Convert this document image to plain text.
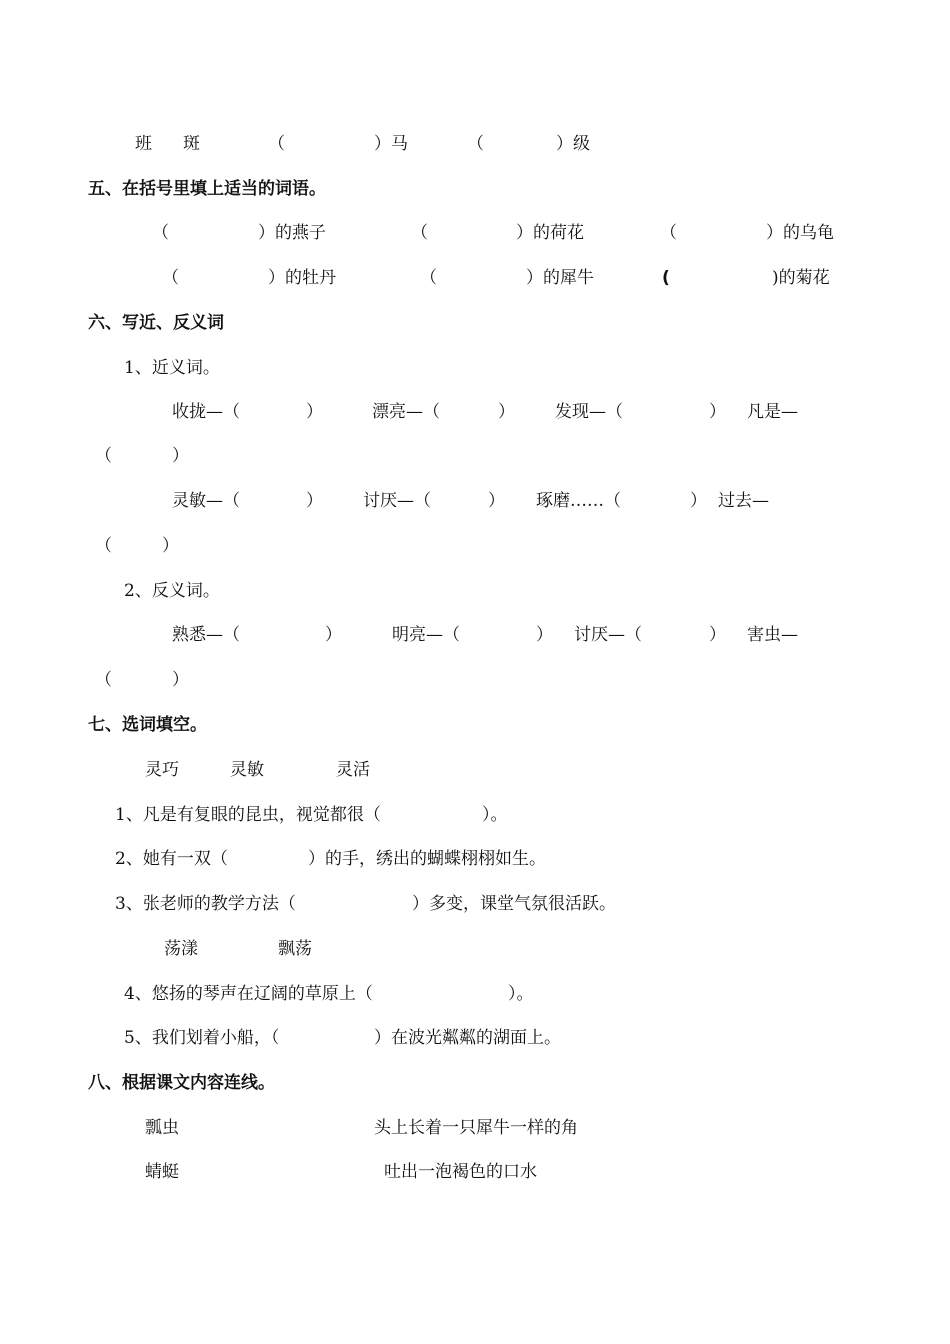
班 斑	（	）马	（	）级
五、在括号里填上适当的词语。
（	）的燕子	（	）的荷花	（	）的乌龟
（	）的牡丹	（	）的犀牛	(	)的菊花
六、写近、反义词
1、近义词。
收拢—（	）	漂亮—（	） 发现—（	） 凡是—
（	）
灵敏—（	） 讨厌—（	） 琢磨……（	） 过去—
（	）
2、反义词。
熟悉—（	）	明亮—（	） 讨厌—（	） 害虫—
（	）
七、选词填空。
灵巧	灵敏	灵活
1、凡是有复眼的昆虫，视觉都很（	）。
2、她有一双（	）的手，绣出的蝴蝶栩栩如生。
3、张老师的教学方法（	）多变，课堂气氛很活跃。
荡漾	飘荡
4、悠扬的琴声在辽阔的草原上（	）。
5、我们划着小船，（	）在波光粼粼的湖面上。
八、根据课文内容连线。
瓢虫	头上长着一只犀牛一样的角
蜻蜓	吐出一泡褐色的口水
